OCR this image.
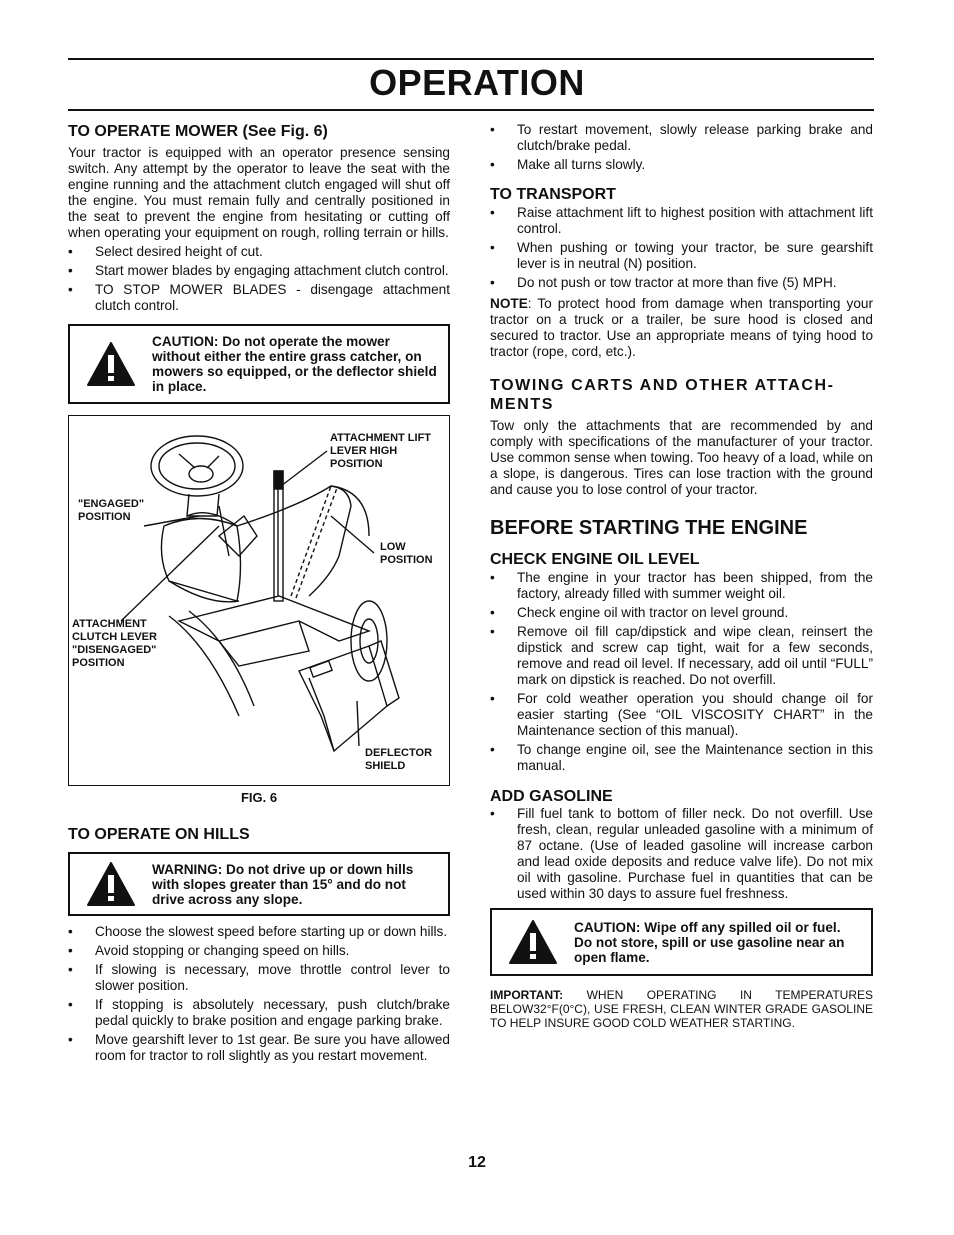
OPERATION
TO OPERATE MOWER (See Fig. 6)

Your tractor is equipped with an operator presence sensing switch. Any attempt by the operator to leave the seat with the engine running and the attachment clutch engaged will shut off the engine. You must remain fully and centrally positioned in the seat to prevent the engine from hesitating or cutting off when operating your equipment on rough, rolling terrain or hills.

• Select desired height of cut.
• Start mower blades by engaging attachment clutch control.
• TO STOP MOWER BLADES - disengage attachment clutch control.
CAUTION: Do not operate the mower without either the entire grass catcher, on mowers so equipped, or the deflector shield in place.
ATTACHMENT LIFT LEVER HIGH POSITION
"ENGAGED" POSITION
LOW POSITION
ATTACHMENT CLUTCH LEVER "DISENGAGED" POSITION
DEFLECTOR SHIELD
FIG. 6
TO OPERATE ON HILLS
WARNING: Do not drive up or down hills with slopes greater than 15° and do not drive across any slope.
• Choose the slowest speed before starting up or down hills.
• Avoid stopping or changing speed on hills.
• If slowing is necessary, move throttle control lever to slower position.
• If stopping is absolutely necessary, push clutch/brake pedal quickly to brake position and engage parking brake.
• Move gearshift lever to 1st gear. Be sure you have allowed room for tractor to roll slightly as you restart movement.
• To restart movement, slowly release parking brake and clutch/brake pedal.
• Make all turns slowly.
TO TRANSPORT
• Raise attachment lift to highest position with attachment lift control.
• When pushing or towing your tractor, be sure gearshift lever is in neutral (N) position.
• Do not push or tow tractor at more than five (5) MPH.

NOTE: To protect hood from damage when transporting your tractor on a truck or a trailer, be sure hood is closed and secured to tractor. Use an appropriate means of tying hood to tractor (rope, cord, etc.).

TOWING CARTS AND OTHER ATTACH-MENTS

Tow only the attachments that are recommended by and comply with specifications of the manufacturer of your tractor. Use common sense when towing. Too heavy of a load, while on a slope, is dangerous. Tires can lose traction with the ground and cause you to lose control of your tractor.

BEFORE STARTING THE ENGINE
CHECK ENGINE OIL LEVEL
• The engine in your tractor has been shipped, from the factory, already filled with summer weight oil.
• Check engine oil with tractor on level ground.
• Remove oil fill cap/dipstick and wipe clean, reinsert the dipstick and screw cap tight, wait for a few seconds, remove and read oil level. If necessary, add oil until “FULL” mark on dipstick is reached. Do not overfill.
• For cold weather operation you should change oil for easier starting (See “OIL VISCOSITY CHART” in the Maintenance section of this manual).
• To change engine oil, see the Maintenance section in this manual.
ADD GASOLINE
• Fill fuel tank to bottom of filler neck. Do not overfill. Use fresh, clean, regular unleaded gasoline with a minimum of 87 octane. (Use of leaded gasoline will increase carbon and lead oxide deposits and reduce valve life). Do not mix oil with gasoline. Purchase fuel in quantities that can be used within 30 days to assure fuel freshness.
CAUTION: Wipe off any spilled oil or fuel. Do not store, spill or use gasoline near an open flame.

IMPORTANT: WHEN OPERATING IN TEMPERATURES BELOW32°F(0°C), USE FRESH, CLEAN WINTER GRADE GASOLINE TO HELP INSURE GOOD COLD WEATHER STARTING.

12
